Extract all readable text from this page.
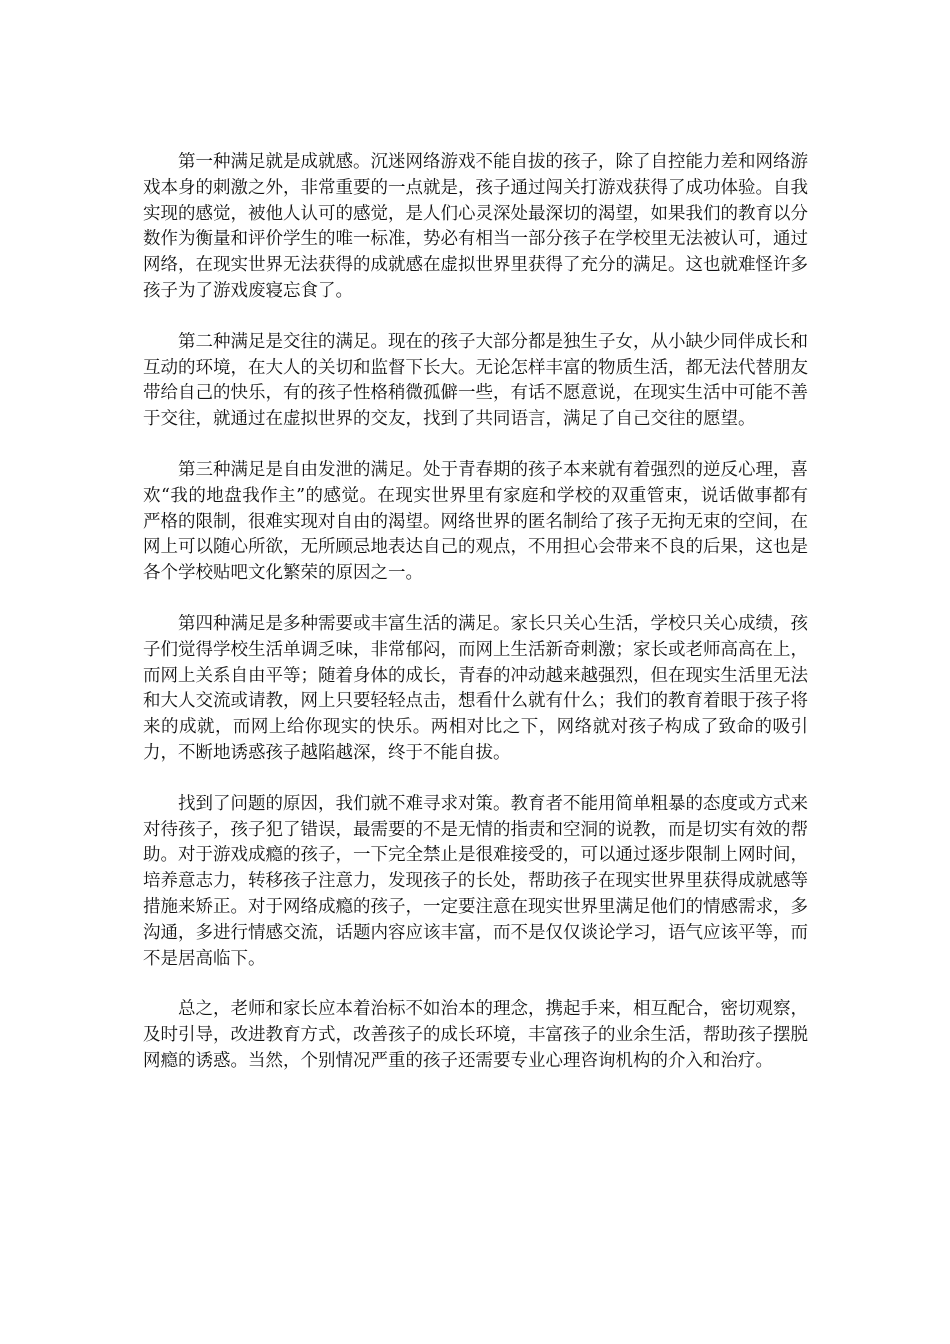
第一种满足就是成就感。沉迷网络游戏不能自拔的孩子，除了自控能力差和网络游戏本身的刺激之外，非常重要的一点就是，孩子通过闯关打游戏获得了成功体验。自我实现的感觉，被他人认可的感觉，是人们心灵深处最深切的渴望，如果我们的教育以分数作为衡量和评价学生的唯一标准，势必有相当一部分孩子在学校里无法被认可，通过网络，在现实世界无法获得的成就感在虚拟世界里获得了充分的满足。这也就难怪许多孩子为了游戏废寝忘食了。

第二种满足是交往的满足。现在的孩子大部分都是独生子女，从小缺少同伴成长和互动的环境，在大人的关切和监督下长大。无论怎样丰富的物质生活，都无法代替朋友带给自己的快乐，有的孩子性格稍微孤僻一些，有话不愿意说，在现实生活中可能不善于交往，就通过在虚拟世界的交友，找到了共同语言，满足了自己交往的愿望。

第三种满足是自由发泄的满足。处于青春期的孩子本来就有着强烈的逆反心理，喜欢“我的地盘我作主”的感觉。在现实世界里有家庭和学校的双重管束，说话做事都有严格的限制，很难实现对自由的渴望。网络世界的匿名制给了孩子无拘无束的空间，在网上可以随心所欲，无所顾忌地表达自己的观点，不用担心会带来不良的后果，这也是各个学校贴吧文化繁荣的原因之一。

第四种满足是多种需要或丰富生活的满足。家长只关心生活，学校只关心成绩，孩子们觉得学校生活单调乏味，非常郁闷，而网上生活新奇刺激；家长或老师高高在上，而网上关系自由平等；随着身体的成长，青春的冲动越来越强烈，但在现实生活里无法和大人交流或请教，网上只要轻轻点击，想看什么就有什么；我们的教育着眼于孩子将来的成就，而网上给你现实的快乐。两相对比之下，网络就对孩子构成了致命的吸引力，不断地诱惑孩子越陷越深，终于不能自拔。

找到了问题的原因，我们就不难寻求对策。教育者不能用简单粗暴的态度或方式来对待孩子，孩子犯了错误，最需要的不是无情的指责和空洞的说教，而是切实有效的帮助。对于游戏成瘾的孩子，一下完全禁止是很难接受的，可以通过逐步限制上网时间，培养意志力，转移孩子注意力，发现孩子的长处，帮助孩子在现实世界里获得成就感等措施来矫正。对于网络成瘾的孩子，一定要注意在现实世界里满足他们的情感需求，多沟通，多进行情感交流，话题内容应该丰富，而不是仅仅谈论学习，语气应该平等，而不是居高临下。

总之，老师和家长应本着治标不如治本的理念，携起手来，相互配合，密切观察，及时引导，改进教育方式，改善孩子的成长环境，丰富孩子的业余生活，帮助孩子摆脱网瘾的诱惑。当然，个别情况严重的孩子还需要专业心理咨询机构的介入和治疗。
